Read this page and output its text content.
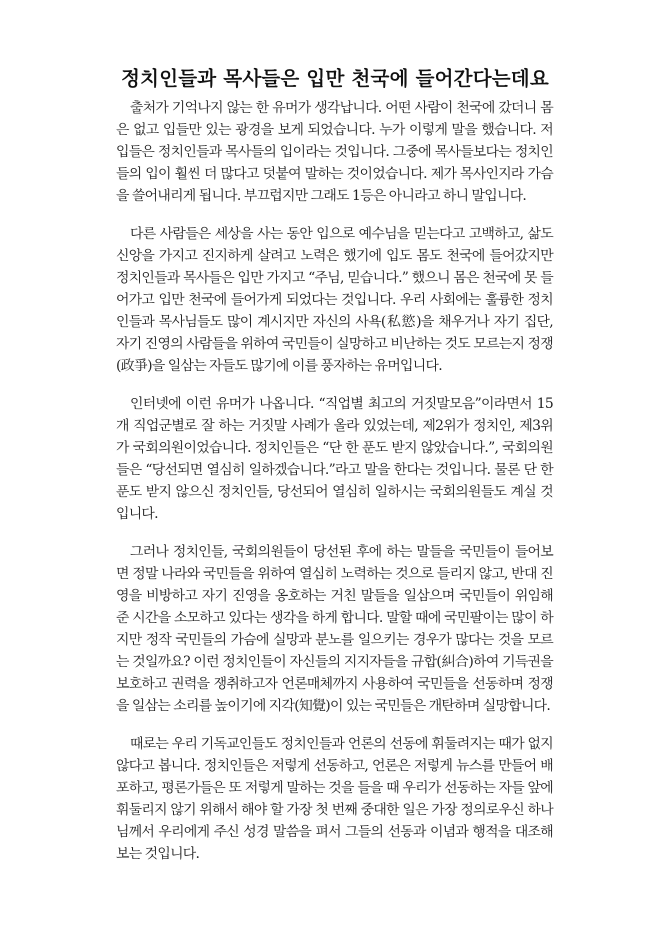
정치인들과 목사들은 입만 천국에 들어간다는데요

출처가 기억나지 않는 한 유머가 생각납니다. 어떤 사람이 천국에 갔더니 몸은 없고 입들만 있는 광경을 보게 되었습니다. 누가 이렇게 말을 했습니다. 저 입들은 정치인들과 목사들의 입이라는 것입니다. 그중에 목사들보다는 정치인들의 입이 훨씬 더 많다고 덧붙여 말하는 것이었습니다. 제가 목사인지라 가슴을 쓸어내리게 됩니다. 부끄럽지만 그래도 1등은 아니라고 하니 말입니다.

다른 사람들은 세상을 사는 동안 입으로 예수님을 믿는다고 고백하고, 삶도 신앙을 가지고 진지하게 살려고 노력은 했기에 입도 몸도 천국에 들어갔지만 정치인들과 목사들은 입만 가지고 “주님, 믿습니다.” 했으니 몸은 천국에 못 들어가고 입만 천국에 들어가게 되었다는 것입니다. 우리 사회에는 훌륭한 정치인들과 목사님들도 많이 계시지만 자신의 사욕(私慾)을 채우거나 자기 집단, 자기 진영의 사람들을 위하여 국민들이 실망하고 비난하는 것도 모르는지 정쟁(政爭)을 일삼는 자들도 많기에 이를 풍자하는 유머입니다.

인터넷에 이런 유머가 나옵니다. “직업별 최고의 거짓말모음”이라면서 15개 직업군별로 잘 하는 거짓말 사례가 올라 있었는데, 제2위가 정치인, 제3위가 국회의원이었습니다. 정치인들은 “단 한 푼도 받지 않았습니다.”, 국회의원들은 “당선되면 열심히 일하겠습니다.”라고 말을 한다는 것입니다. 물론 단 한 푼도 받지 않으신 정치인들, 당선되어 열심히 일하시는 국회의원들도 계실 것입니다.

그러나 정치인들, 국회의원들이 당선된 후에 하는 말들을 국민들이 들어보면 정말 나라와 국민들을 위하여 열심히 노력하는 것으로 들리지 않고, 반대 진영을 비방하고 자기 진영을 옹호하는 거친 말들을 일삼으며 국민들이 위임해 준 시간을 소모하고 있다는 생각을 하게 합니다. 말할 때에 국민팔이는 많이 하지만 정작 국민들의 가슴에 실망과 분노를 일으키는 경우가 많다는 것을 모르는 것일까요? 이런 정치인들이 자신들의 지지자들을 규합(糾合)하여 기득권을 보호하고 권력을 쟁취하고자 언론매체까지 사용하여 국민들을 선동하며 정쟁을 일삼는 소리를 높이기에 지각(知覺)이 있는 국민들은 개탄하며 실망합니다.

때로는 우리 기독교인들도 정치인들과 언론의 선동에 휘둘려지는 때가 없지 않다고 봅니다. 정치인들은 저렇게 선동하고, 언론은 저렇게 뉴스를 만들어 배포하고, 평론가들은 또 저렇게 말하는 것을 들을 때 우리가 선동하는 자들 앞에 휘둘리지 않기 위해서 해야 할 가장 첫 번째 중대한 일은 가장 정의로우신 하나님께서 우리에게 주신 성경 말씀을 펴서 그들의 선동과 이념과 행적을 대조해 보는 것입니다.
